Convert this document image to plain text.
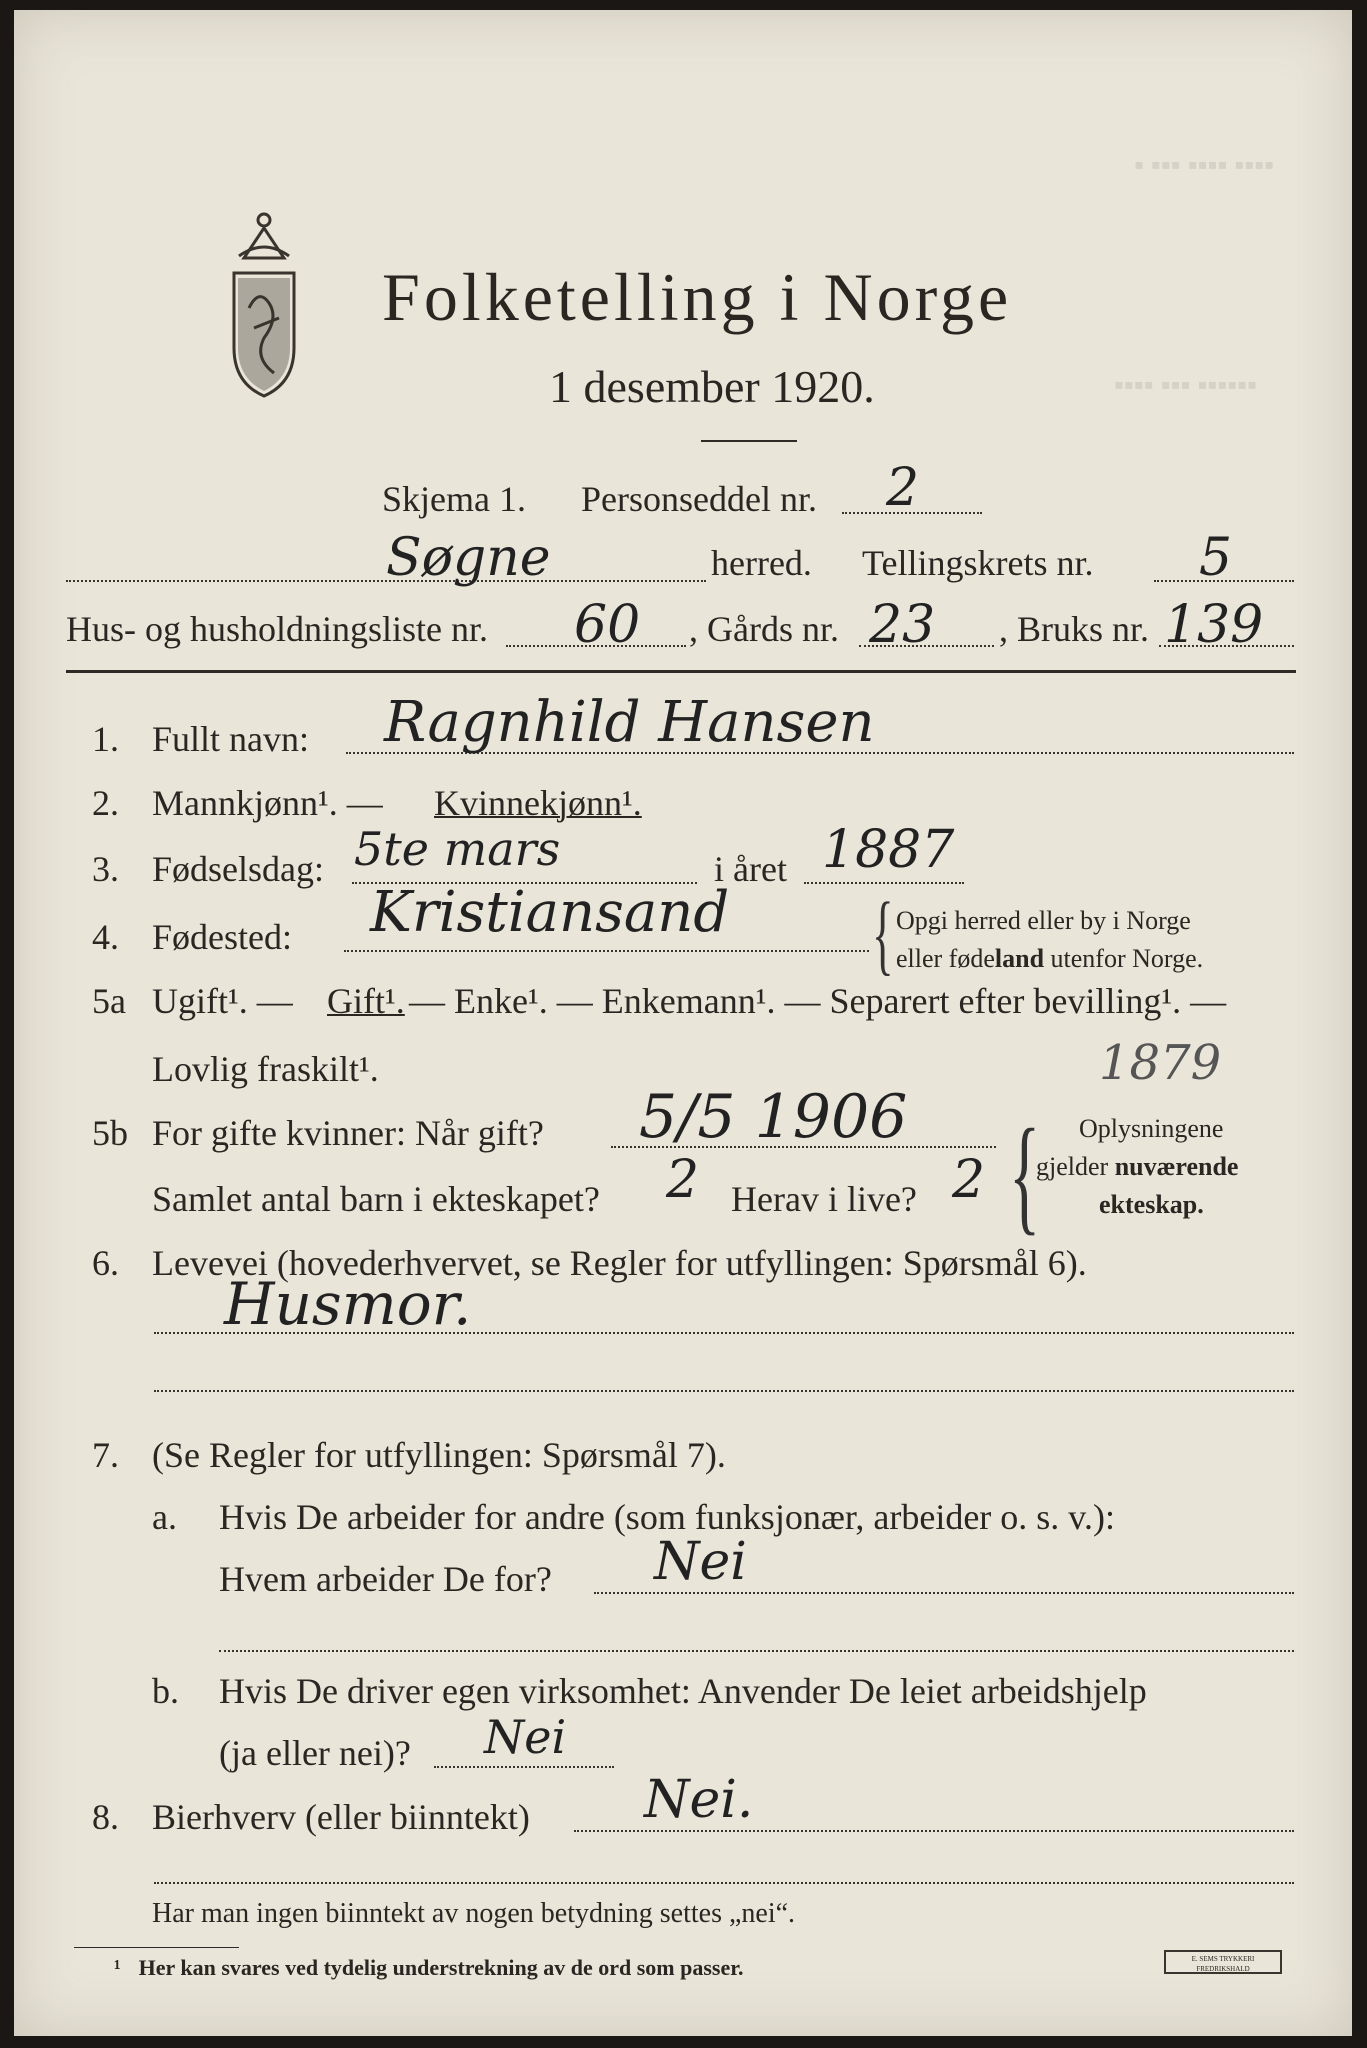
▪ ▪▪▪ ▪▪▪▪ ▪▪▪▪
▪▪▪▪ ▪▪▪ ▪▪▪▪▪▪
Folketelling i Norge
1 desember 1920.
Skjema 1. Personseddel nr. 2
Søgne	herred. Tellingskrets nr. 5
Hus- og husholdningsliste nr. 60 , Gårds nr. 23 , Bruks nr. 139
1. Fullt navn: Ragnhild Hansen
2. Mannkjønn¹. — Kvinnekjønn¹.
3. Fødselsdag: 5te mars	i året 1887
4. Fødested: Kristiansand { Opgi herred eller by i Norge
eller fødeland utenfor Norge.
5a Ugift¹. — Gift¹. — Enke¹. — Enkemann¹. — Separert efter bevilling¹. —
Lovlig fraskilt¹.	1879
5b For gifte kvinner: Når gift? 5/5 1906
Samlet antal barn i ekteskapet? 2 Herav i live? 2 { Oplysningene
gjelder nuværende
ekteskap.
6. Levevei (hovederhvervet, se Regler for utfyllingen: Spørsmål 6).
Husmor.
7. (Se Regler for utfyllingen: Spørsmål 7).
a. Hvis De arbeider for andre (som funksjonær, arbeider o. s. v.):
Hvem arbeider De for? Nei
b. Hvis De driver egen virksomhet: Anvender De leiet arbeidshjelp
(ja eller nei)? Nei
8. Bierhverv (eller biinntekt) Nei.
Har man ingen biinntekt av nogen betydning settes „nei“.
¹ Her kan svares ved tydelig understrekning av de ord som passer.	E. SEMS TRYKKERI FREDRIKSHALD
